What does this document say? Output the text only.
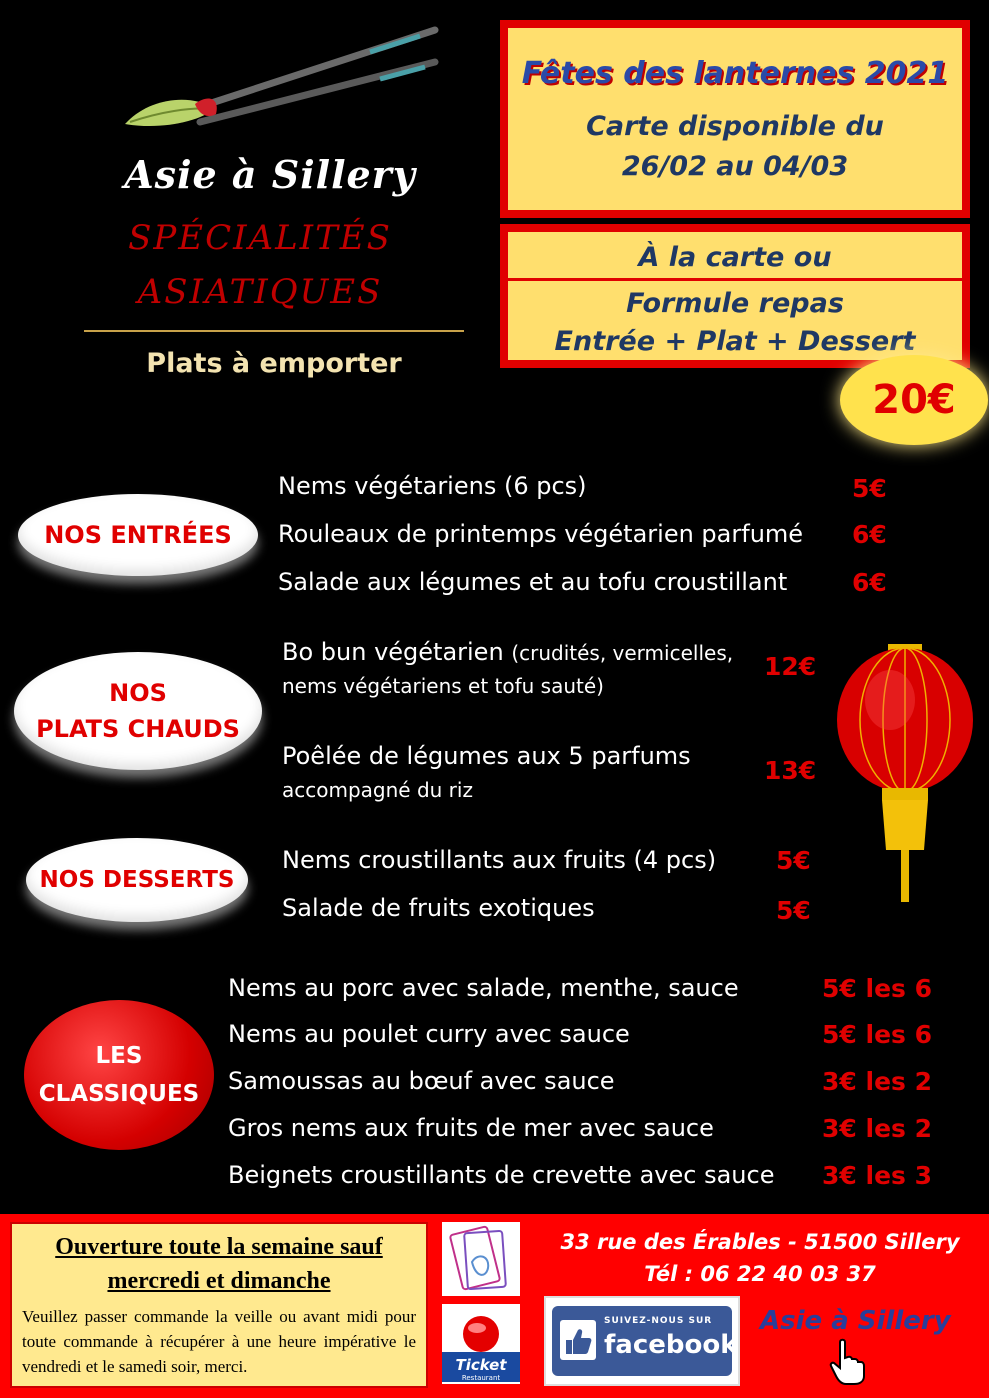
Asie à Sillery
SPÉCIALITÉS
ASIATIQUES
Plats à emporter
Fêtes des lanternes 2021
Carte disponible du
26/02 au 04/03
À la carte ou
Formule repas
Entrée + Plat + Dessert
20€
NOS ENTRÉES
Nems végétariens (6 pcs)	5€
Rouleaux de printemps végétarien parfumé 6€
Salade aux légumes et au tofu croustillant	6€
NOS
PLATS CHAUDS
Bo bun végétarien (crudités, vermicelles,
nems végétariens et tofu sauté)
12€
Poêlée de légumes aux 5 parfums
accompagné du riz
13€
NOS DESSERTS
Nems croustillants aux fruits (4 pcs) 5€
Salade de fruits exotiques	5€
LES
CLASSIQUES
Nems au porc avec salade, menthe, sauce	5€ les 6
Nems au poulet curry avec sauce	5€ les 6
Samoussas au bœuf avec sauce	3€ les 2
Gros nems aux fruits de mer avec sauce	3€ les 2
Beignets croustillants de crevette avec sauce 3€ les 3
Ouverture toute la semaine sauf
mercredi et dimanche
Veuillez passer commande la veille ou avant midi pour toute commande à récupérer à une heure impérative le vendredi et le samedi soir, merci.	Ticket
Restaurant
33 rue des Érables - 51500 Sillery
Tél : 06 22 40 03 37
SUIVEZ-NOUS SUR
facebook
Asie à Sillery
